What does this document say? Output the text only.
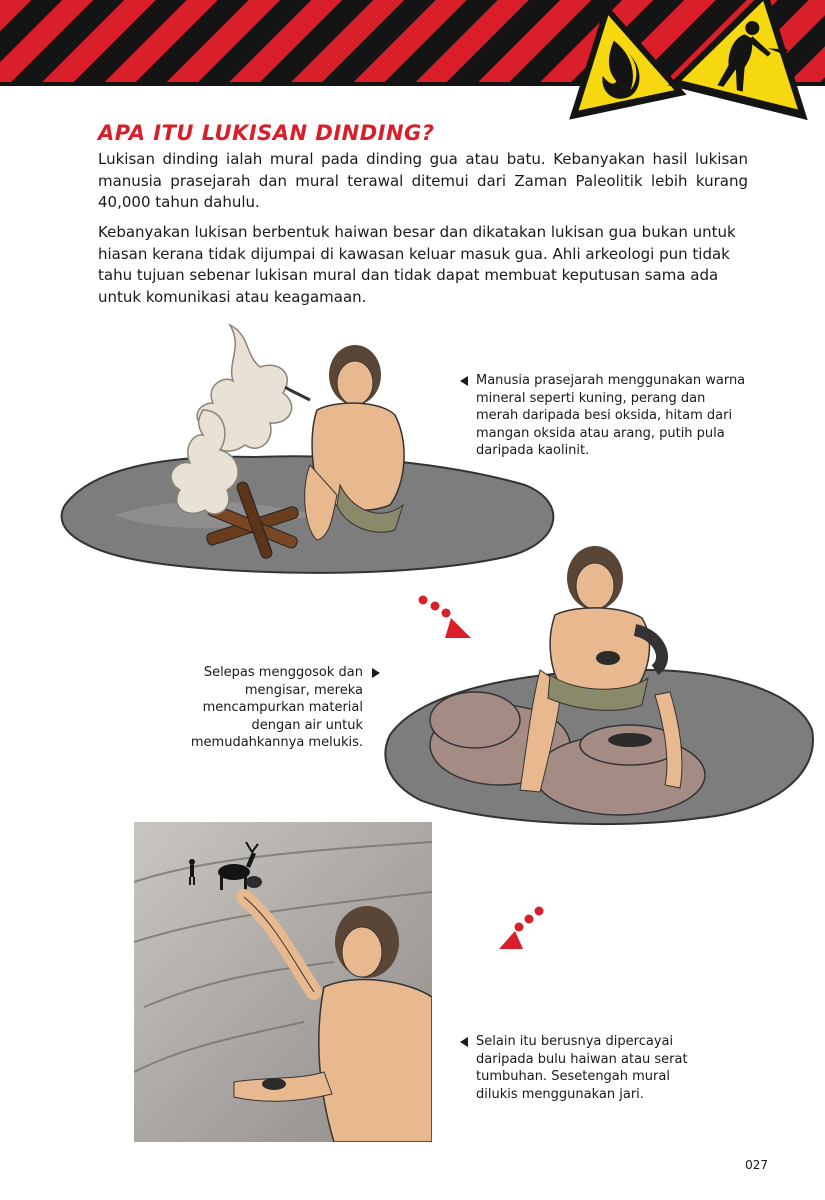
APA ITU LUKISAN DINDING?

Lukisan dinding ialah mural pada dinding gua atau batu. Kebanyakan hasil lukisan manusia prasejarah dan mural terawal ditemui dari Zaman Paleolitik lebih kurang 40,000 tahun dahulu.

Kebanyakan lukisan berbentuk haiwan besar dan dikatakan lukisan gua bukan untuk hiasan kerana tidak dijumpai di kawasan keluar masuk gua. Ahli arkeologi pun tidak tahu tujuan sebenar lukisan mural dan tidak dapat membuat keputusan sama ada untuk komunikasi atau keagamaan.

Manusia prasejarah menggunakan warna mineral seperti kuning, perang dan merah daripada besi oksida, hitam dari mangan oksida atau arang, putih pula daripada kaolinit.

Selepas menggosok dan mengisar, mereka mencampurkan material dengan air untuk memudahkannya melukis.

Selain itu berusnya dipercayai daripada bulu haiwan atau serat tumbuhan. Sesetengah mural dilukis menggunakan jari.

027
